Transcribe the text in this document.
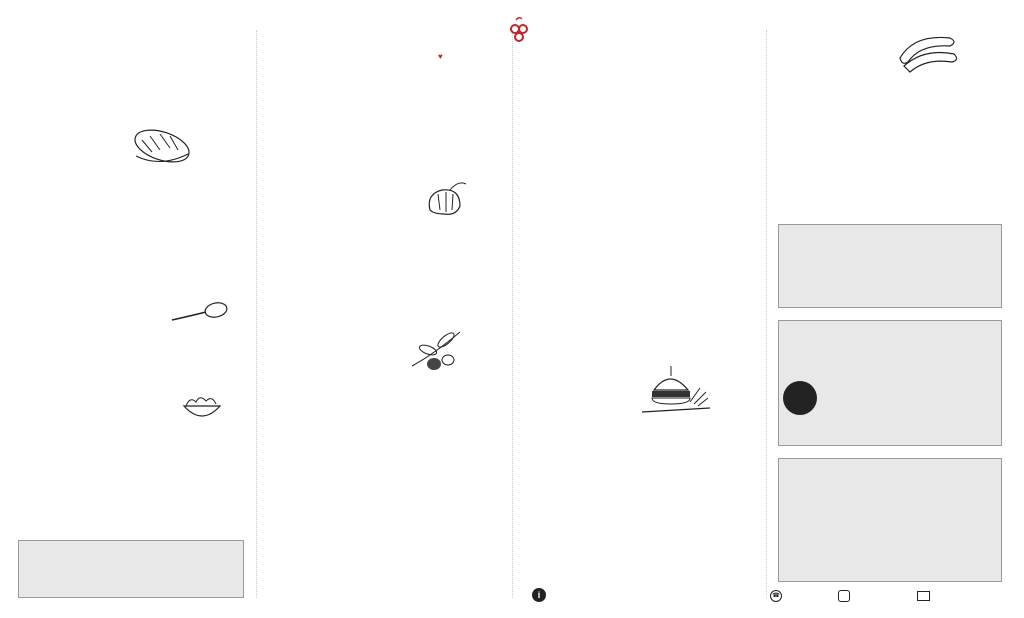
♥
i	☎
